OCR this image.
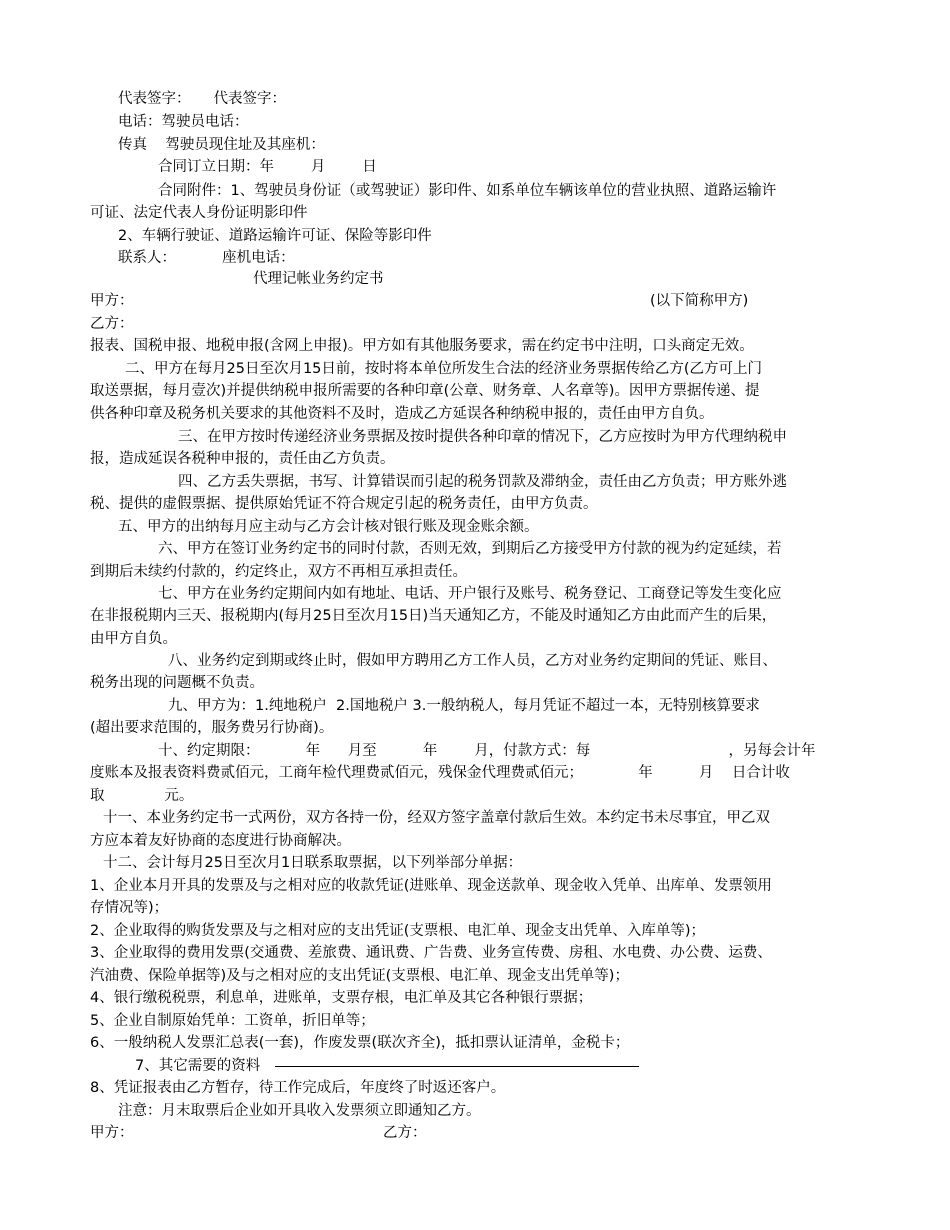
代表签字：     代表签字：
电话：驾驶员电话：
传真    驾驶员现住址及其座机：
合同订立日期：年        月        日
合同附件：1、驾驶员身份证（或驾驶证）影印件、如系单位车辆该单位的营业执照、道路运输许
可证、法定代表人身份证明影印件
2、车辆行驶证、道路运输许可证、保险等影印件
联系人：          座机电话：
代理记帐业务约定书
甲方：	(以下简称甲方)
乙方：
报表、国税申报、地税申报(含网上申报)。甲方如有其他服务要求，需在约定书中注明，口头商定无效。
二、甲方在每月25日至次月15日前，按时将本单位所发生合法的经济业务票据传给乙方(乙方可上门
取送票据，每月壹次)并提供纳税申报所需要的各种印章(公章、财务章、人名章等)。因甲方票据传递、提
供各种印章及税务机关要求的其他资料不及时，造成乙方延误各种纳税申报的，责任由甲方自负。
三、在甲方按时传递经济业务票据及按时提供各种印章的情况下，乙方应按时为甲方代理纳税申
报，造成延误各税种申报的，责任由乙方负责。
四、乙方丢失票据，书写、计算错误而引起的税务罚款及滞纳金，责任由乙方负责；甲方账外逃
税、提供的虚假票据、提供原始凭证不符合规定引起的税务责任，由甲方负责。
五、甲方的出纳每月应主动与乙方会计核对银行账及现金账余额。
六、甲方在签订业务约定书的同时付款，否则无效，到期后乙方接受甲方付款的视为约定延续，若
到期后未续约付款的，约定终止，双方不再相互承担责任。
七、甲方在业务约定期间内如有地址、电话、开户银行及账号、税务登记、工商登记等发生变化应
在非报税期内三天、报税期内(每月25日至次月15日)当天通知乙方，不能及时通知乙方由此而产生的后果，
由甲方自负。
八、业务约定到期或终止时，假如甲方聘用乙方工作人员，乙方对业务约定期间的凭证、账目、
税务出现的问题概不负责。
九、甲方为：1.纯地税户  2.国地税户 3.一般纳税人，每月凭证不超过一本，无特别核算要求
(超出要求范围的，服务费另行协商)。
十、约定期限：          年      月至          年        月，付款方式：每                              ，另每会计年
度账本及报表资料费贰佰元，工商年检代理费贰佰元，残保金代理费贰佰元；            年          月    日合计收
取             元。
十一、本业务约定书一式两份，双方各持一份，经双方签字盖章付款后生效。本约定书未尽事宜，甲乙双
方应本着友好协商的态度进行协商解决。
十二、会计每月25日至次月1日联系取票据，以下列举部分单据：
1、企业本月开具的发票及与之相对应的收款凭证(进账单、现金送款单、现金收入凭单、出库单、发票领用
存情况等)；
2、企业取得的购货发票及与之相对应的支出凭证(支票根、电汇单、现金支出凭单、入库单等)；
3、企业取得的费用发票(交通费、差旅费、通讯费、广告费、业务宣传费、房租、水电费、办公费、运费、
汽油费、保险单据等)及与之相对应的支出凭证(支票根、电汇单、现金支出凭单等)；
4、银行缴税税票，利息单，进账单，支票存根，电汇单及其它各种银行票据；
5、企业自制原始凭单：工资单，折旧单等；
6、一般纳税人发票汇总表(一套)，作废发票(联次齐全)，抵扣票认证清单，金税卡；
7、其它需要的资料
8、凭证报表由乙方暂存，待工作完成后，年度终了时返还客户。
注意：月末取票后企业如开具收入发票须立即通知乙方。
甲方：	乙方：
